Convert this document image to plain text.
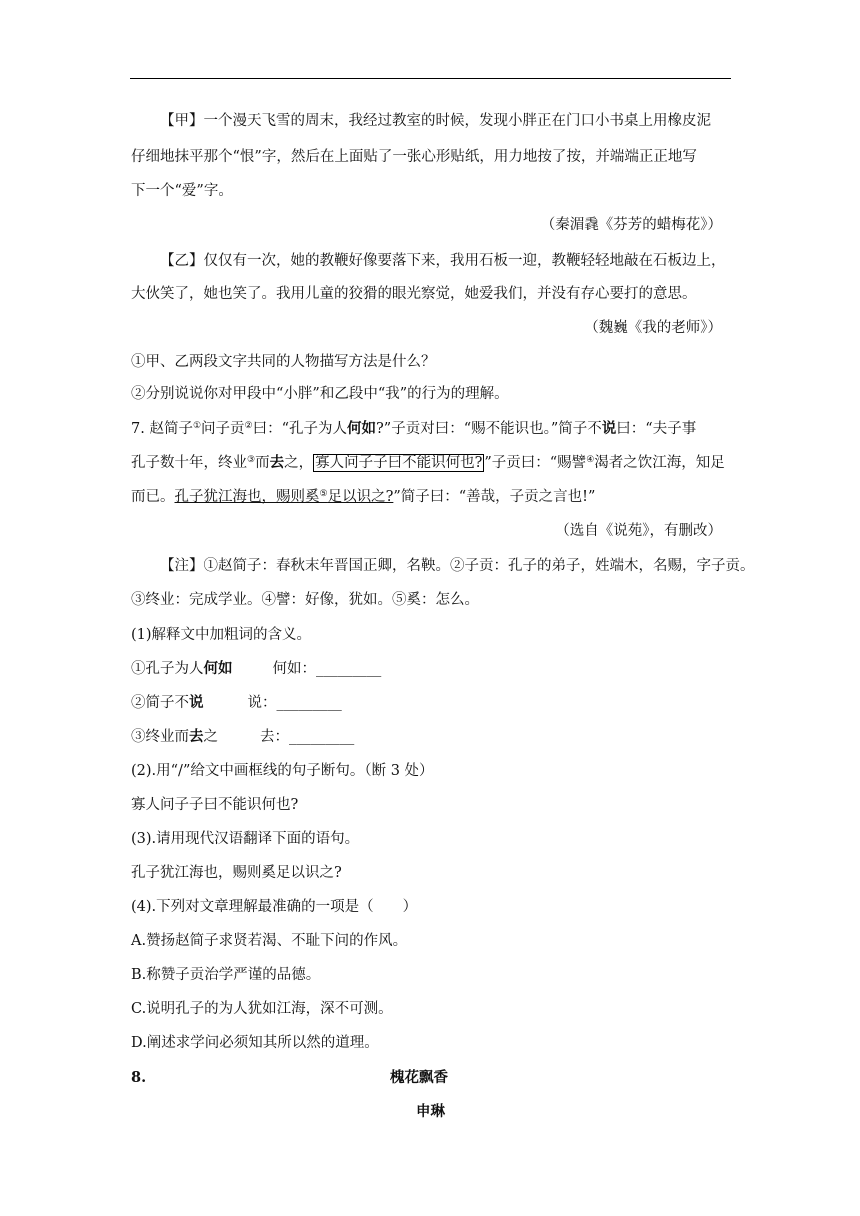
【甲】一个漫天飞雪的周末，我经过教室的时候，发现小胖正在门口小书桌上用橡皮泥
仔细地抹平那个“恨”字，然后在上面贴了一张心形贴纸，用力地按了按，并端端正正地写
下一个“爱”字。
（秦湄毳《芬芳的蜡梅花》）
【乙】仅仅有一次，她的教鞭好像要落下来，我用石板一迎，教鞭轻轻地敲在石板边上，
大伙笑了，她也笑了。我用儿童的狡猾的眼光察觉，她爱我们，并没有存心要打的意思。
（魏巍《我的老师》）
①甲、乙两段文字共同的人物描写方法是什么？
②分别说说你对甲段中“小胖”和乙段中“我”的行为的理解。
7. 赵简子①问子贡②曰：“孔子为人何如?”子贡对曰：“赐不能识也。”简子不说曰：“夫子事
孔子数十年，终业③而去之， 寡人问子子曰不能识何也? ”子贡曰：“赐譬④渴者之饮江海，知足
而已。孔子犹江海也，赐则奚⑤足以识之?”简子曰：“善哉，子贡之言也!”
（选自《说苑》，有删改）
【注】①赵简子：春秋末年晋国正卿，名鞅。②子贡：孔子的弟子，姓端木，名赐，字子贡。
③终业：完成学业。④譬：好像，犹如。⑤奚：怎么。
(1)解释文中加粗词的含义。
①孔子为人何如	何如：_________
②简子不说	说：_________
③终业而去之	去：_________
(2).用“/”给文中画框线的句子断句。（断 3 处）
寡人问子子曰不能识何也?
(3).请用现代汉语翻译下面的语句。
孔子犹江海也，赐则奚足以识之?
(4).下列对文章理解最准确的一项是（　　）
A.赞扬赵简子求贤若渴、不耻下问的作风。
B.称赞子贡治学严谨的品德。
C.说明孔子的为人犹如江海，深不可测。
D.阐述求学问必须知其所以然的道理。
8.	槐花飘香
申琳
